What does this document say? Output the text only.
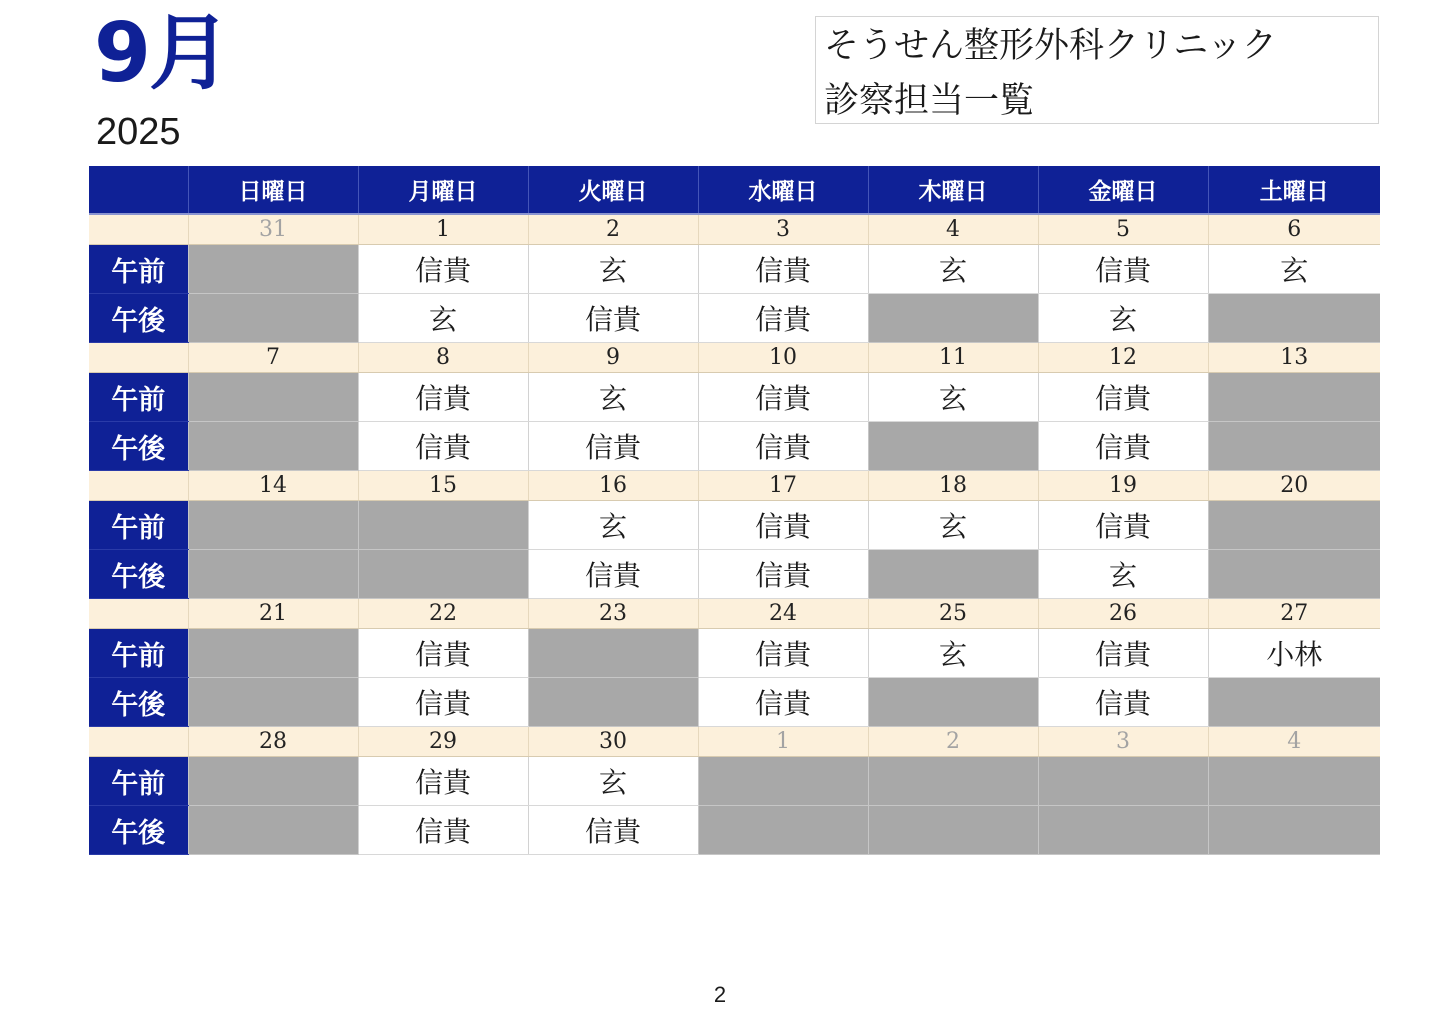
9月
2025
そうせん整形外科クリニック
診察担当一覧
	日曜日	月曜日	火曜日	水曜日	木曜日	金曜日	土曜日
	31	1	2	3	4	5	6
午前		信貴	玄	信貴	玄	信貴	玄
午後		玄	信貴	信貴		玄	
	7	8	9	10	11	12	13
午前		信貴	玄	信貴	玄	信貴	
午後		信貴	信貴	信貴		信貴	
	14	15	16	17	18	19	20
午前			玄	信貴	玄	信貴	
午後			信貴	信貴		玄	
	21	22	23	24	25	26	27
午前		信貴		信貴	玄	信貴	小林
午後		信貴		信貴		信貴	
	28	29	30	1	2	3	4
午前		信貴	玄				
午後		信貴	信貴				
2
